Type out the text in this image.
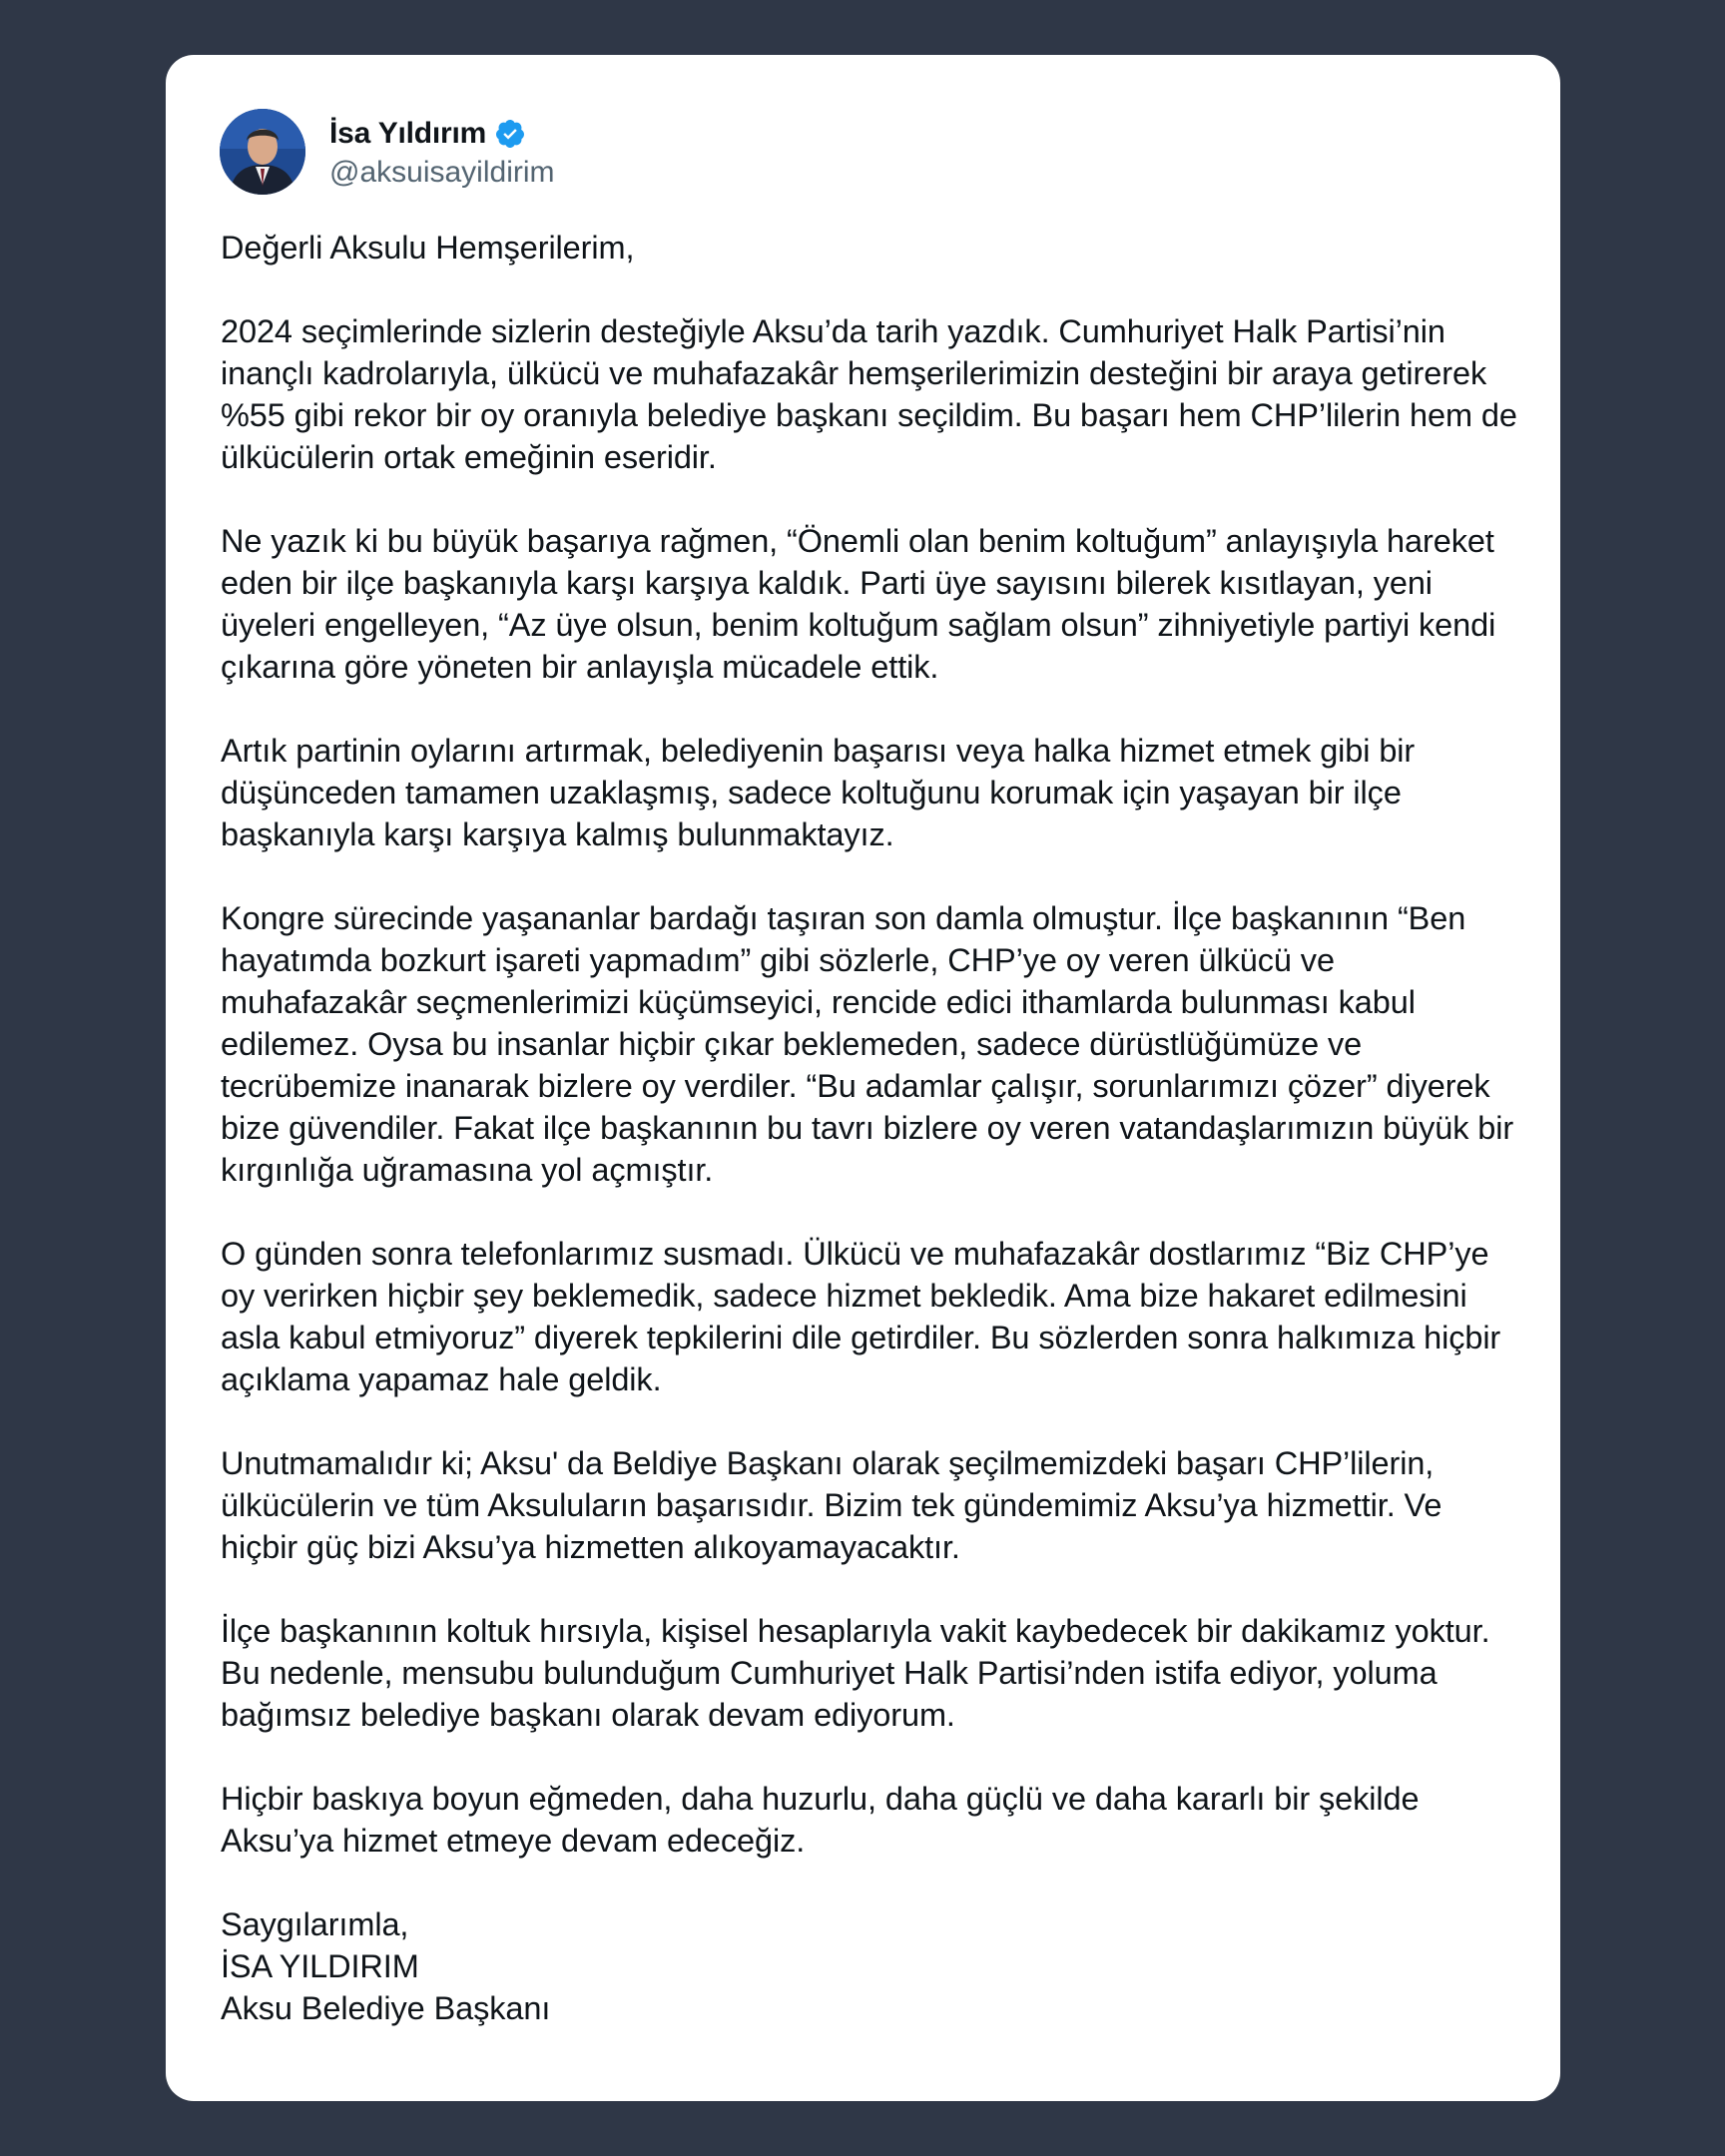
İsa Yıldırım
@aksuisayildirim

Değerli Aksulu Hemşerilerim,

2024 seçimlerinde sizlerin desteğiyle Aksu’da tarih yazdık. Cumhuriyet Halk Partisi’nin inançlı kadrolarıyla, ülkücü ve muhafazakâr hemşerilerimizin desteğini bir araya getirerek %55 gibi rekor bir oy oranıyla belediye başkanı seçildim. Bu başarı hem CHP’lilerin hem de ülkücülerin ortak emeğinin eseridir.

Ne yazık ki bu büyük başarıya rağmen, “Önemli olan benim koltuğum” anlayışıyla hareket eden bir ilçe başkanıyla karşı karşıya kaldık. Parti üye sayısını bilerek kısıtlayan, yeni üyeleri engelleyen, “Az üye olsun, benim koltuğum sağlam olsun” zihniyetiyle partiyi kendi çıkarına göre yöneten bir anlayışla mücadele ettik.

Artık partinin oylarını artırmak, belediyenin başarısı veya halka hizmet etmek gibi bir düşünceden tamamen uzaklaşmış, sadece koltuğunu korumak için yaşayan bir ilçe başkanıyla karşı karşıya kalmış bulunmaktayız.

Kongre sürecinde yaşananlar bardağı taşıran son damla olmuştur. İlçe başkanının “Ben hayatımda bozkurt işareti yapmadım” gibi sözlerle, CHP’ye oy veren ülkücü ve muhafazakâr seçmenlerimizi küçümseyici, rencide edici ithamlarda bulunması kabul edilemez. Oysa bu insanlar hiçbir çıkar beklemeden, sadece dürüstlüğümüze ve tecrübemize inanarak bizlere oy verdiler. “Bu adamlar çalışır, sorunlarımızı çözer” diyerek bize güvendiler. Fakat ilçe başkanının bu tavrı bizlere oy veren vatandaşlarımızın büyük bir kırgınlığa uğramasına yol açmıştır.

O günden sonra telefonlarımız susmadı. Ülkücü ve muhafazakâr dostlarımız “Biz CHP’ye oy verirken hiçbir şey beklemedik, sadece hizmet bekledik. Ama bize hakaret edilmesini asla kabul etmiyoruz” diyerek tepkilerini dile getirdiler. Bu sözlerden sonra halkımıza hiçbir açıklama yapamaz hale geldik.

Unutmamalıdır ki; Aksu' da Beldiye Başkanı olarak şeçilmemizdeki başarı CHP’lilerin, ülkücülerin ve tüm Aksuluların başarısıdır. Bizim tek gündemimiz Aksu’ya hizmettir. Ve hiçbir güç bizi Aksu’ya hizmetten alıkoyamayacaktır.

İlçe başkanının koltuk hırsıyla, kişisel hesaplarıyla vakit kaybedecek bir dakikamız yoktur. Bu nedenle, mensubu bulunduğum Cumhuriyet Halk Partisi’nden istifa ediyor, yoluma bağımsız belediye başkanı olarak devam ediyorum.

Hiçbir baskıya boyun eğmeden, daha huzurlu, daha güçlü ve daha kararlı bir şekilde Aksu’ya hizmet etmeye devam edeceğiz.

Saygılarımla,
İSA YILDIRIM
Aksu Belediye Başkanı
